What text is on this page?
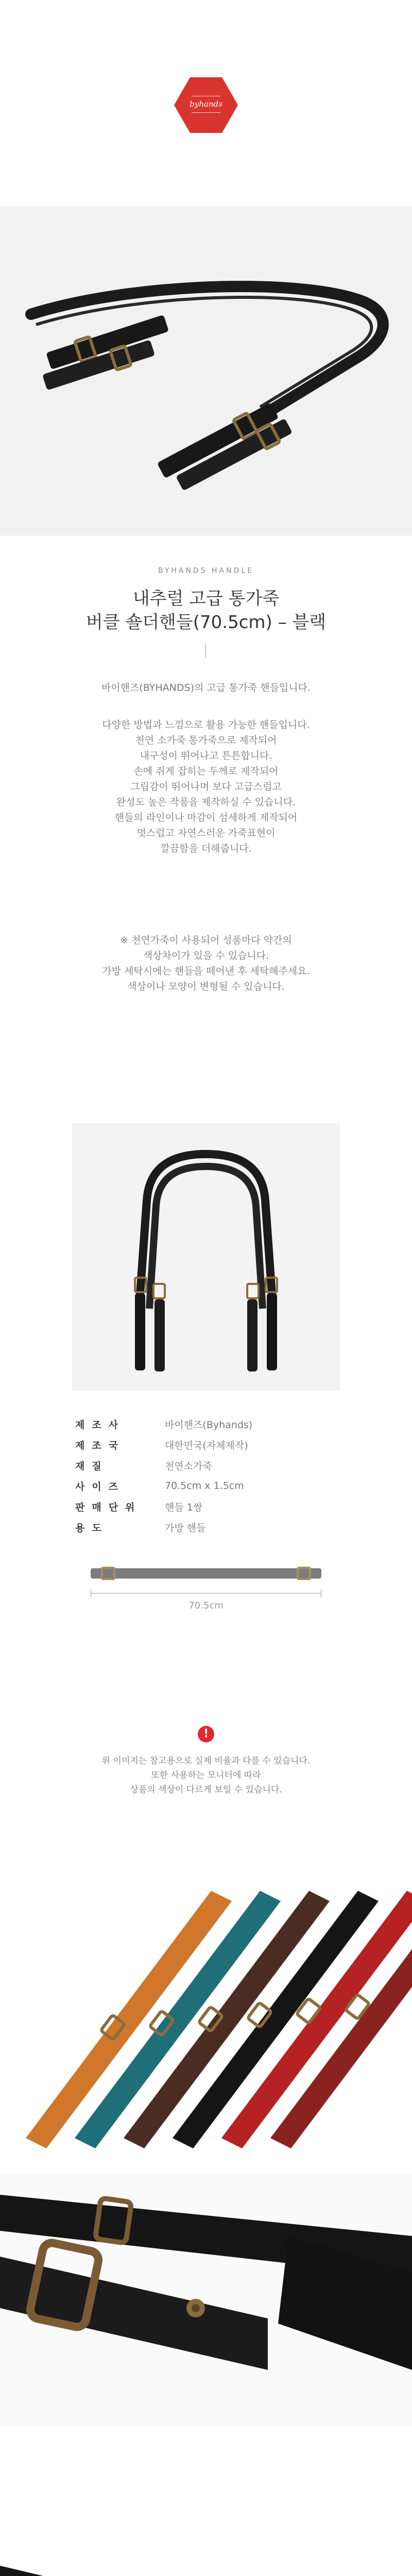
byhands
BYHANDS HANDLE
내추럴 고급 통가죽
버클 숄더핸들(70.5cm) – 블랙
바이핸즈(BYHANDS)의 고급 통가죽 핸들입니다.
다양한 방법과 느낌으로 활용 가능한 핸들입니다.
천연 소가죽 통가죽으로 제작되어
내구성이 뛰어나고 튼튼합니다.
손에 쥐게 잡히는 두께로 제작되어
그립감이 뛰어나며 보다 고급스럽고
완성도 높은 작품을 제작하실 수 있습니다.
핸들의 라인이나 마감이 섬세하게 제작되어
멋스럽고 자연스러운 가죽표현이
깔끔함을 더해줍니다.
※ 천연가죽이 사용되어 성품마다 약간의
색상차이가 있을 수 있습니다.
가방 세탁시에는 핸들을 떼어낸 후 세탁해주세요.
색상이나 모양이 변형될 수 있습니다.
제조사	바이핸즈(Byhands)
제조국	대한민국(자체제작)
재질	천연소가죽
사이즈	70.5cm x 1.5cm
판매단위	핸들 1쌍
용도	가방 핸들
70.5cm
!
위 이미지는 참고용으로 실제 비율과 다를 수 있습니다.
또한 사용하는 모니터에 따라
상품의 색상이 다르게 보일 수 있습니다.
